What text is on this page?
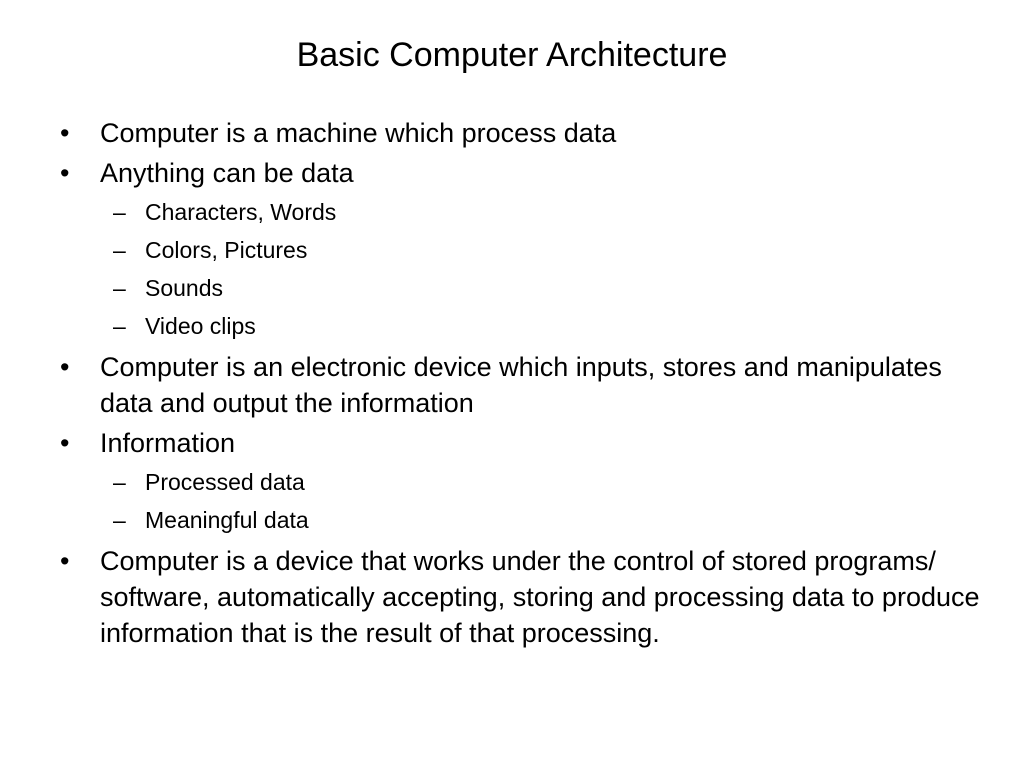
Basic Computer Architecture
•	Computer is a machine which process data
•	Anything can be data
– Characters, Words
– Colors, Pictures
– Sounds
– Video clips
•	Computer is an electronic device which inputs, stores and manipulates data and output the information
•	Information
– Processed data
– Meaningful data
•	Computer is a device that works under the control of stored programs/ software, automatically accepting, storing and processing data to produce information that is the result of that processing.
